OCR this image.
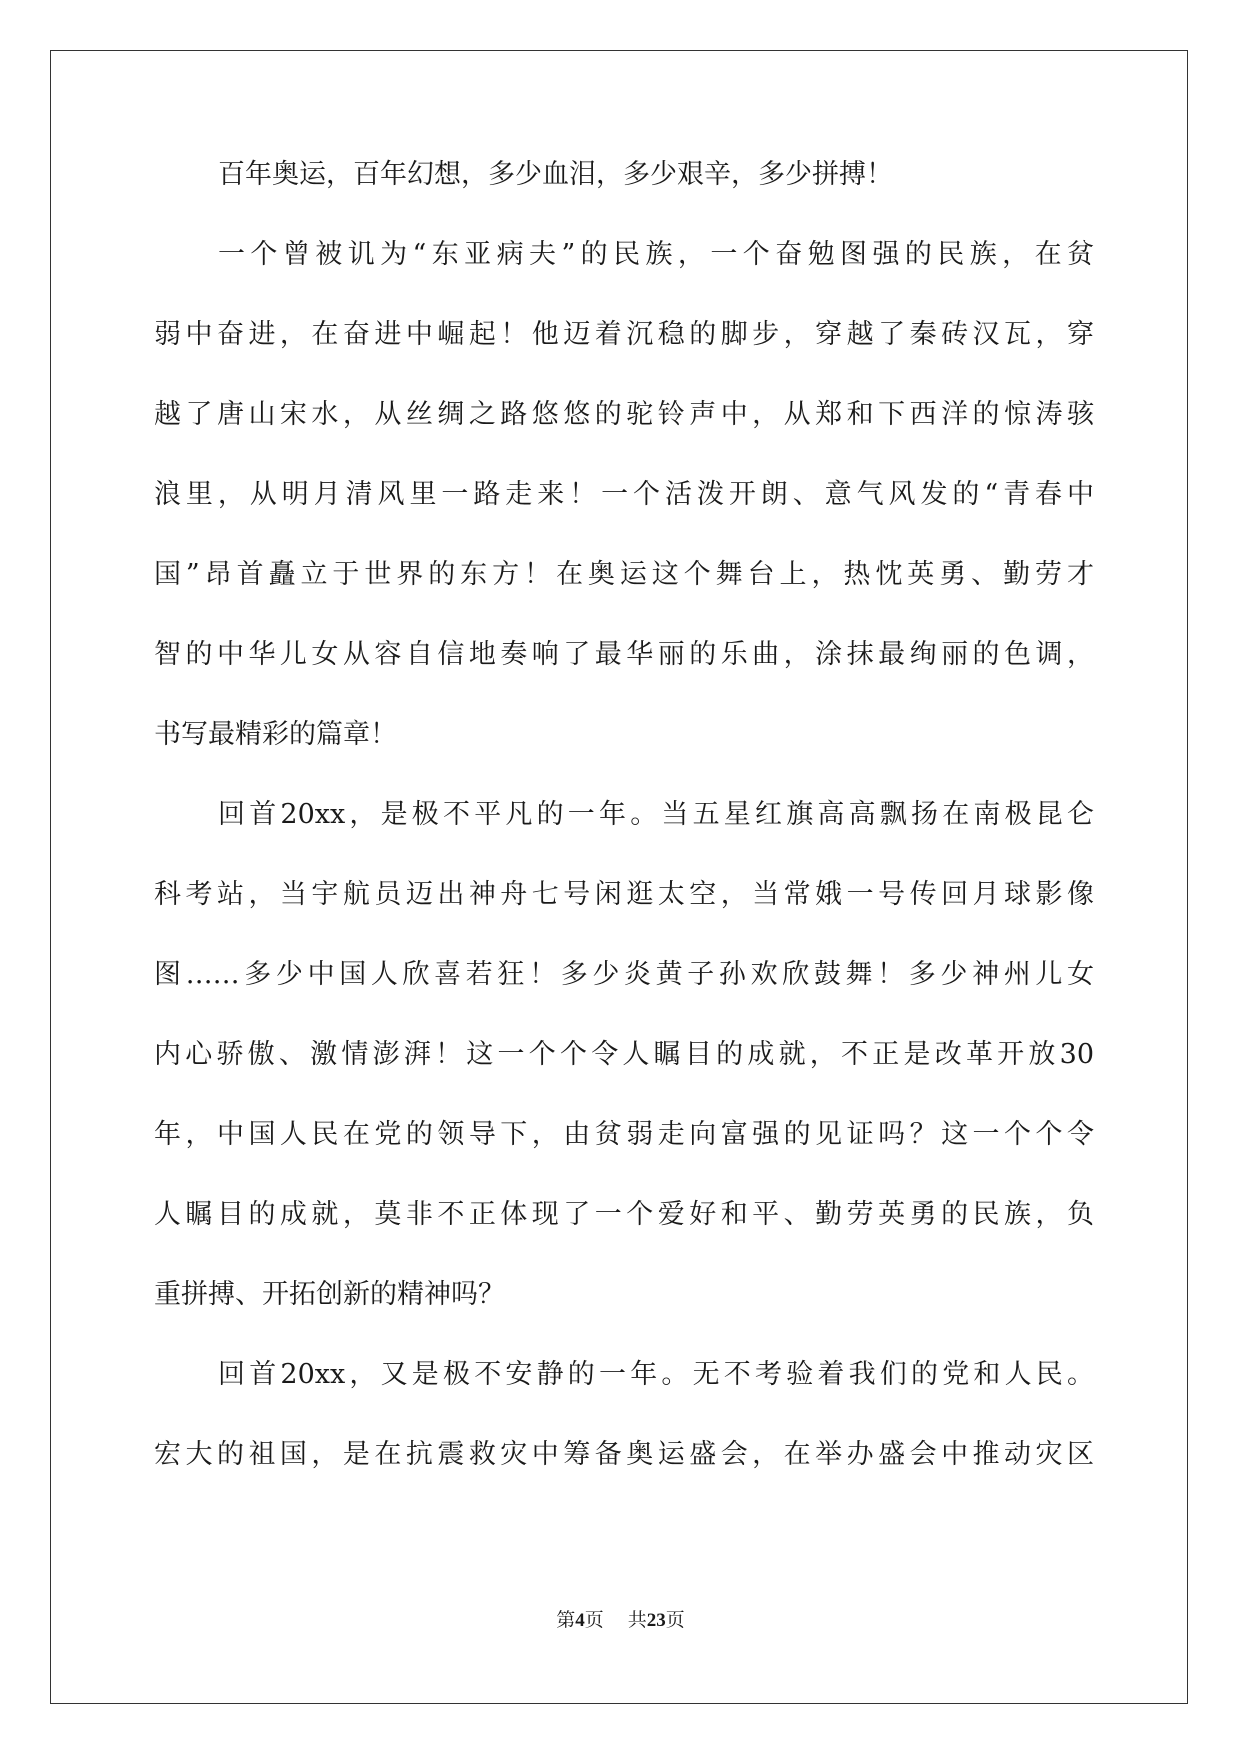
百年奥运，百年幻想，多少血泪，多少艰辛，多少拼搏！
一个曾被讥为“东亚病夫”的民族，一个奋勉图强的民族，在贫
弱中奋进，在奋进中崛起！他迈着沉稳的脚步，穿越了秦砖汉瓦，穿
越了唐山宋水，从丝绸之路悠悠的驼铃声中，从郑和下西洋的惊涛骇
浪里，从明月清风里一路走来！一个活泼开朗、意气风发的“青春中
国”昂首矗立于世界的东方！在奥运这个舞台上，热忱英勇、勤劳才
智的中华儿女从容自信地奏响了最华丽的乐曲，涂抹最绚丽的色调，
书写最精彩的篇章！
回首20xx，是极不平凡的一年。当五星红旗高高飘扬在南极昆仑
科考站，当宇航员迈出神舟七号闲逛太空，当常娥一号传回月球影像
图……多少中国人欣喜若狂！多少炎黄子孙欢欣鼓舞！多少神州儿女
内心骄傲、激情澎湃！这一个个令人瞩目的成就，不正是改革开放30
年，中国人民在党的领导下，由贫弱走向富强的见证吗？这一个个令
人瞩目的成就，莫非不正体现了一个爱好和平、勤劳英勇的民族，负
重拼搏、开拓创新的精神吗？
回首20xx，又是极不安静的一年。无不考验着我们的党和人民。
宏大的祖国，是在抗震救灾中筹备奥运盛会，在举办盛会中推动灾区
第4页 共23页
